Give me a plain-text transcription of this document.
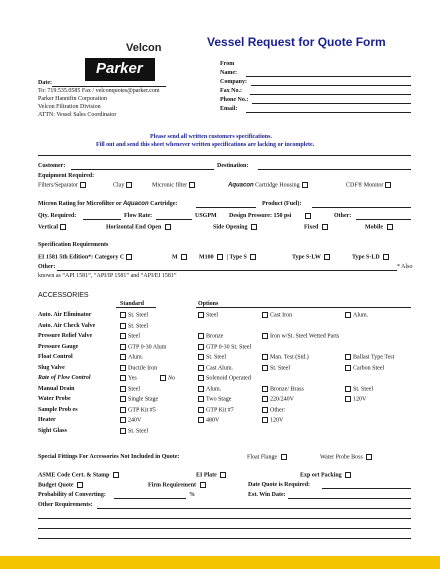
Velcon
Parker
Vessel Request for Quote Form
Date:
To: 719.535.0585 Fax / velconquotes@parker.com
Parker Hannifin Corporation
Velcon Filtration Division
ATTN: Vessel Sales Coordinator
From
Name:
Company:
Fax No.:
Phone No.:
Email:
Please send all written customers specifications.
Fill out and send this sheet whenever written specifications are lacking or incomplete.
Customer:	Destination:
Equipment Required:
Filters/Separator	Clay	Micronic filter	Aquacon Cartridge Housing	CDF® Monitor
Micron Rating for Microfilter or Aquacon Cartridge:	Product (Fuel):
Qty. Required:	Flow Rate:	USGPM Design Pressure: 150 psi	Other:
Vertical	Horizontal End Open	Side Opening	Fixed	Mobile
Specification Requirements
EI 1581 5th Edition*: Category C	M	M100 | Type S	Type S-LW	Type S-LD
Other:	* Also
known as “API 1581”, “API/IP 1581” and “API/EI 1581”
ACCESSORIES
Standard	Options
Auto. Air Eliminator	St. Steel	Steel	Cast Iron	Alum.
Auto. Air Check Valve	St. Steel
Pressure Relief Valve	Steel	Bronze	Iron w/St. Steel Wetted Parts
Pressure Gauge	GTP 0-30 Alum	GTP 0-30 St. Steel
Float Control	Alum.	St. Steel	Man. Test (Std.)	Ballast Type Test
Slug Valve	Ductile Iron	Cast Alum.	St. Steel	Carbon Steel
Rate of Flow Control	Yes	No	Solenoid Operated
Manual Drain	Steel	Alum.	Bronze/ Brass	St. Steel
Water Probe	Single Stage	Two Stage	220/240V	120V
Sample Prob es	GTP Kit #5	GTP Kit #7	Other:
Heater	240V	480V	120V
Sight Glass	St. Steel
Special Fittings For Accessories Not Included in Quote:	Float Flange	Water Probe Boss
ASME Code Cert. & Stamp	EI Plate	Exp ort Packing
Budget Quote	Firm Requirement	Date Quote is Required:
Probability of Converting:	%	Est. Win Date:
Other Requirements:
